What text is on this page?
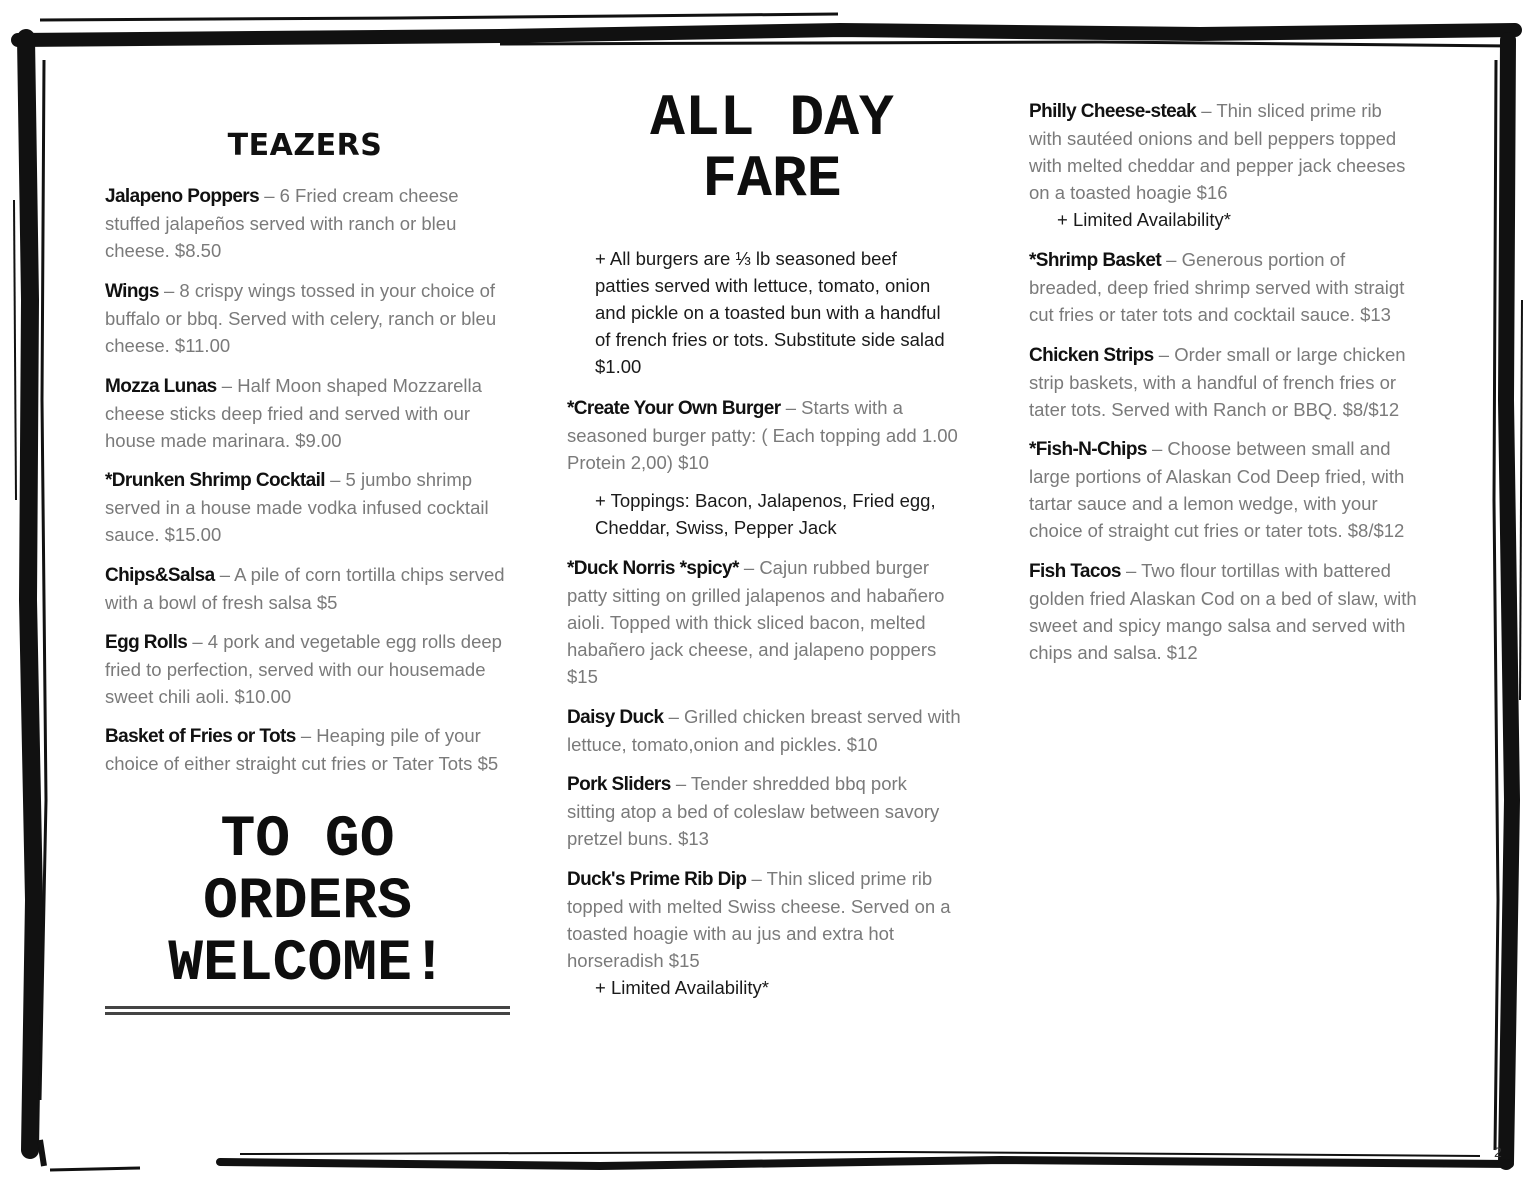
TEAZERS
Jalapeno Poppers – 6 Fried cream cheese stuffed jalapeños served with ranch or bleu cheese. $8.50
Wings – 8 crispy wings tossed in your choice of buffalo or bbq. Served with celery, ranch or bleu cheese. $11.00
Mozza Lunas – Half Moon shaped Mozzarella cheese sticks deep fried and served with our house made marinara. $9.00
*Drunken Shrimp Cocktail – 5 jumbo shrimp served in a house made vodka infused cocktail sauce. $15.00
Chips&Salsa – A pile of corn tortilla chips served with a bowl of fresh salsa $5
Egg Rolls – 4 pork and vegetable egg rolls deep fried to perfection, served with our housemade sweet chili aoli. $10.00
Basket of Fries or Tots – Heaping pile of your choice of either straight cut fries or Tater Tots $5
TO GO
ORDERS
WELCOME!
ALL DAY
FARE
+ All burgers are ⅓ lb seasoned beef patties served with lettuce, tomato, onion and pickle on a toasted bun with a handful of french fries or tots. Substitute side salad $1.00
*Create Your Own Burger – Starts with a seasoned burger patty: ( Each topping add 1.00 Protein 2,00) $10
+ Toppings: Bacon, Jalapenos, Fried egg, Cheddar, Swiss, Pepper Jack
*Duck Norris *spicy* – Cajun rubbed burger patty sitting on grilled jalapenos and habañero aioli. Topped with thick sliced bacon, melted habañero jack cheese, and jalapeno poppers $15
Daisy Duck – Grilled chicken breast served with lettuce, tomato,onion and pickles. $10
Pork Sliders – Tender shredded bbq pork sitting atop a bed of coleslaw between savory pretzel buns. $13
Duck's Prime Rib Dip – Thin sliced prime rib topped with melted Swiss cheese. Served on a toasted hoagie with au jus and extra hot horseradish $15
+ Limited Availability*
Philly Cheese-steak – Thin sliced prime rib with sautéed onions and bell peppers topped with melted cheddar and pepper jack cheeses on a toasted hoagie $16
+ Limited Availability*
*Shrimp Basket – Generous portion of breaded, deep fried shrimp served with straigt cut fries or tater tots and cocktail sauce. $13
Chicken Strips – Order small or large chicken strip baskets, with a handful of french fries or tater tots. Served with Ranch or BBQ. $8/$12
*Fish-N-Chips – Choose between small and large portions of Alaskan Cod Deep fried, with tartar sauce and a lemon wedge, with your choice of straight cut fries or tater tots. $8/$12
Fish Tacos – Two flour tortillas with battered golden fried Alaskan Cod on a bed of slaw, with sweet and spicy mango salsa and served with chips and salsa. $12
2
